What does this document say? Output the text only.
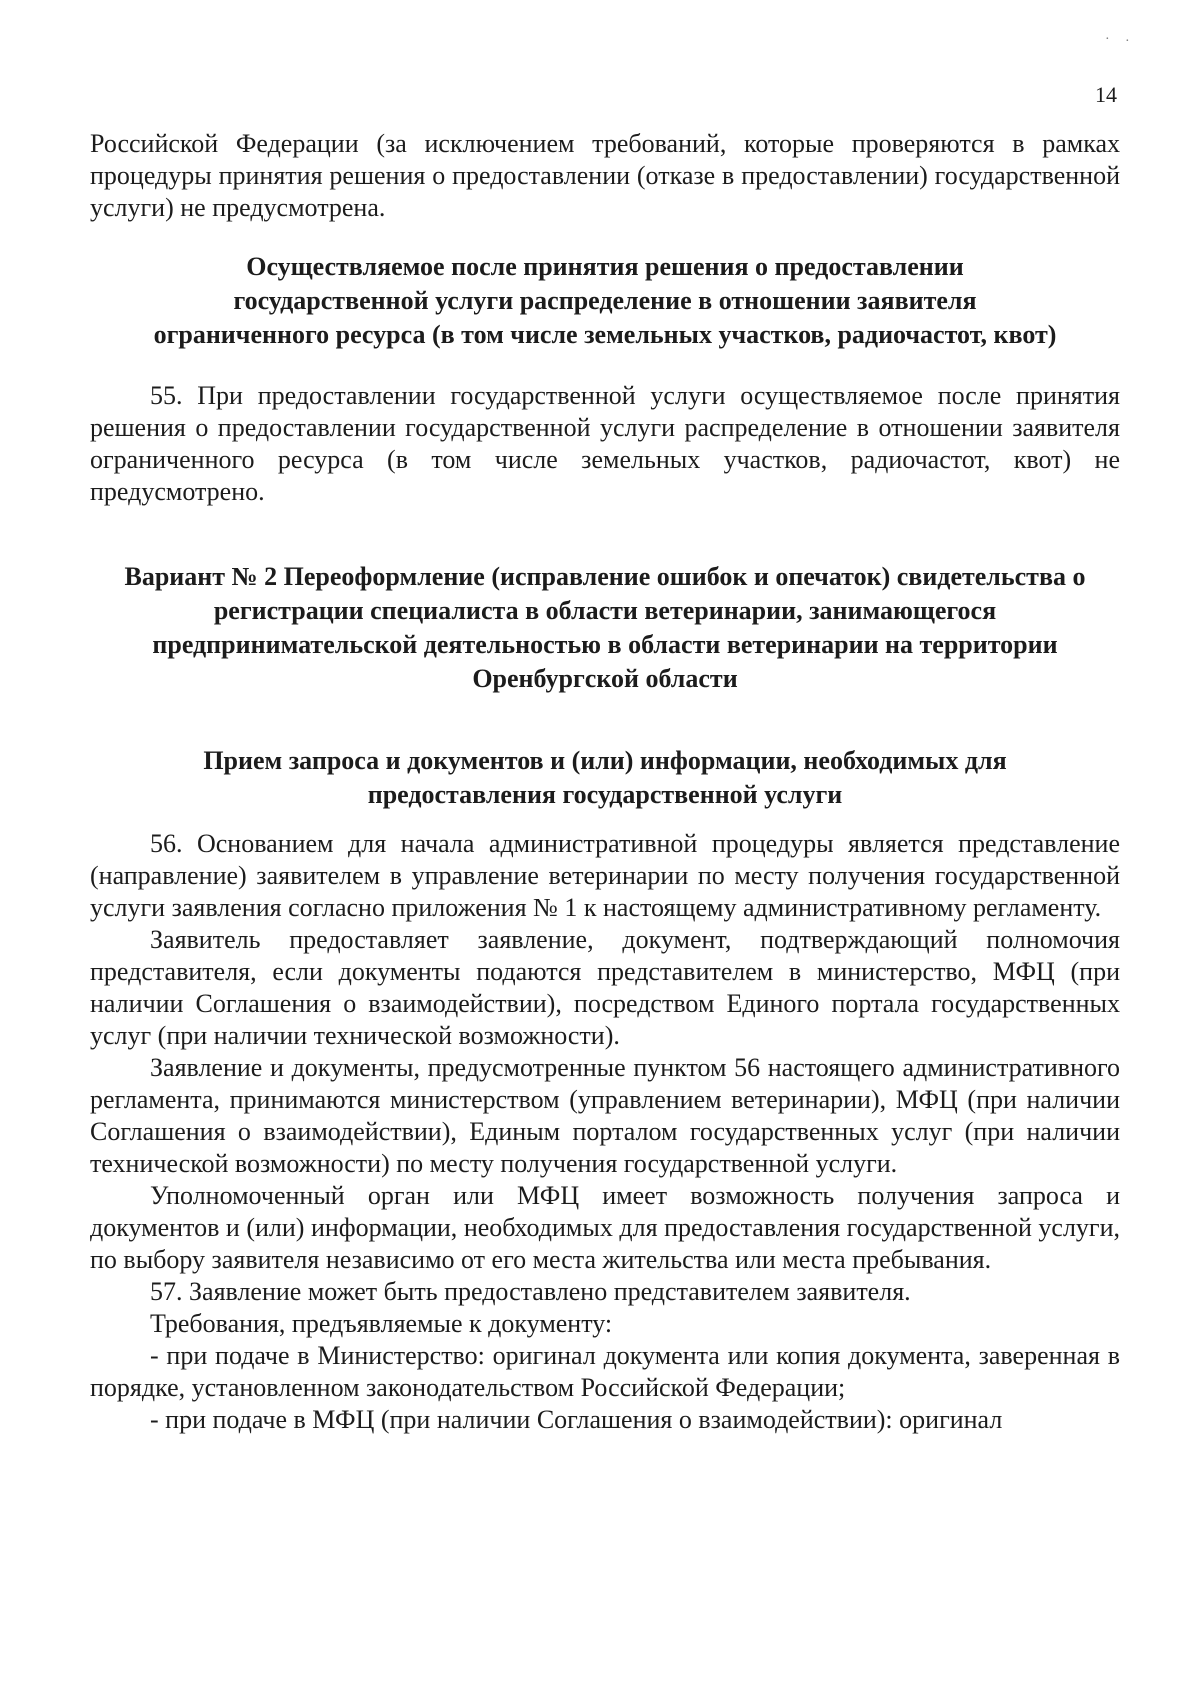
14

Российской Федерации (за исключением требований, которые проверяются в рамках процедуры принятия решения о предоставлении (отказе в предоставлении) государственной услуги) не предусмотрена.

Осуществляемое после принятия решения о предоставлении государственной услуги распределение в отношении заявителя ограниченного ресурса (в том числе земельных участков, радиочастот, квот)

55. При предоставлении государственной услуги осуществляемое после принятия решения о предоставлении государственной услуги распределение в отношении заявителя ограниченного ресурса (в том числе земельных участков, радиочастот, квот) не предусмотрено.

Вариант № 2 Переоформление (исправление ошибок и опечаток) свидетельства о регистрации специалиста в области ветеринарии, занимающегося предпринимательской деятельностью в области ветеринарии на территории Оренбургской области
Прием запроса и документов и (или) информации, необходимых для предоставления государственной услуги

56. Основанием для начала административной процедуры является представление (направление) заявителем в управление ветеринарии по месту получения государственной услуги заявления согласно приложения № 1 к настоящему административному регламенту.

Заявитель предоставляет заявление, документ, подтверждающий полномочия представителя, если документы подаются представителем в министерство, МФЦ (при наличии Соглашения о взаимодействии), посредством Единого портала государственных услуг (при наличии технической возможности).

Заявление и документы, предусмотренные пунктом 56 настоящего административного регламента, принимаются министерством (управлением ветеринарии), МФЦ (при наличии Соглашения о взаимодействии), Единым порталом государственных услуг (при наличии технической возможности) по месту получения государственной услуги.

Уполномоченный орган или МФЦ имеет возможность получения запроса и документов и (или) информации, необходимых для предоставления государственной услуги, по выбору заявителя независимо от его места жительства или места пребывания.

57. Заявление может быть предоставлено представителем заявителя.

Требования, предъявляемые к документу:

- при подаче в Министерство: оригинал документа или копия документа, заверенная в порядке, установленном законодательством Российской Федерации;

- при подаче в МФЦ (при наличии Соглашения о взаимодействии): оригинал

· ·
